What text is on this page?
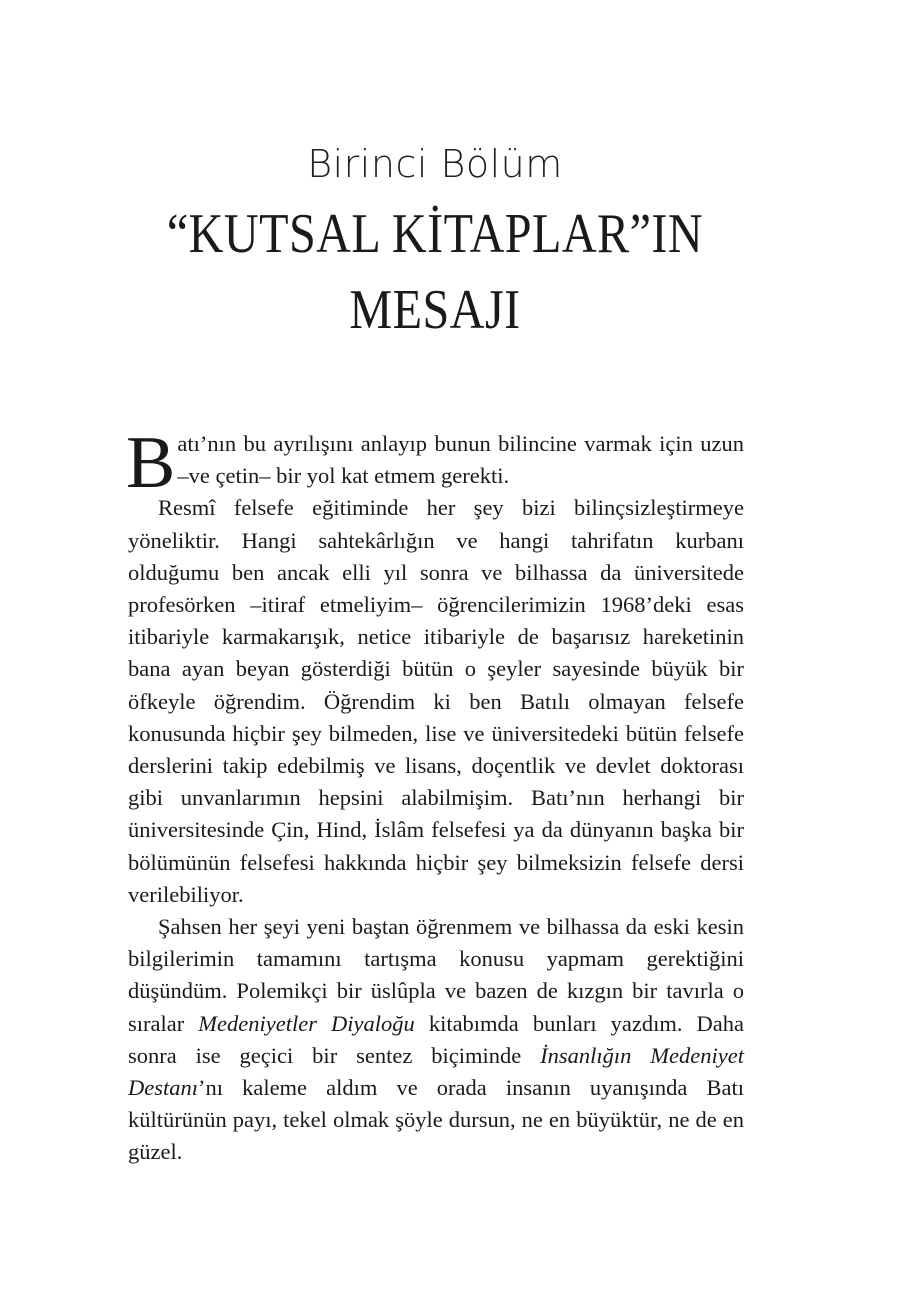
Birinci Bölüm
“KUTSAL KİTAPLAR”IN
MESAJI

Batı’nın bu ayrılışını anlayıp bunun bilincine varmak için uzun –ve çetin– bir yol kat etmem gerekti.

Resmî felsefe eğitiminde her şey bizi bilinçsizleştirmeye yöneliktir. Hangi sahtekârlığın ve hangi tahrifatın kurbanı olduğumu ben ancak elli yıl sonra ve bilhassa da üniversitede profesörken –itiraf etmeliyim– öğrencilerimizin 1968’deki esas itibariyle karmakarışık, netice itibariyle de başarısız hareketinin bana ayan beyan gösterdiği bütün o şeyler sayesinde büyük bir öfkeyle öğrendim. Öğrendim ki ben Batılı olmayan felsefe konusunda hiçbir şey bilmeden, lise ve üniversitedeki bütün felsefe derslerini takip edebilmiş ve lisans, doçentlik ve devlet doktorası gibi unvanlarımın hepsini alabilmişim. Batı’nın herhangi bir üniversitesinde Çin, Hind, İslâm felsefesi ya da dünyanın başka bir bölümünün felsefesi hakkında hiçbir şey bilmeksizin felsefe dersi verilebiliyor.

Şahsen her şeyi yeni baştan öğrenmem ve bilhassa da eski kesin bilgilerimin tamamını tartışma konusu yapmam gerektiğini düşündüm. Polemikçi bir üslûpla ve bazen de kızgın bir tavırla o sıralar Medeniyetler Diyaloğu kitabımda bunları yazdım. Daha sonra ise geçici bir sentez biçiminde İnsanlığın Medeniyet Destanı’nı kaleme aldım ve orada insanın uyanışında Batı kültürünün payı, tekel olmak şöyle dursun, ne en büyüktür, ne de en güzel.
